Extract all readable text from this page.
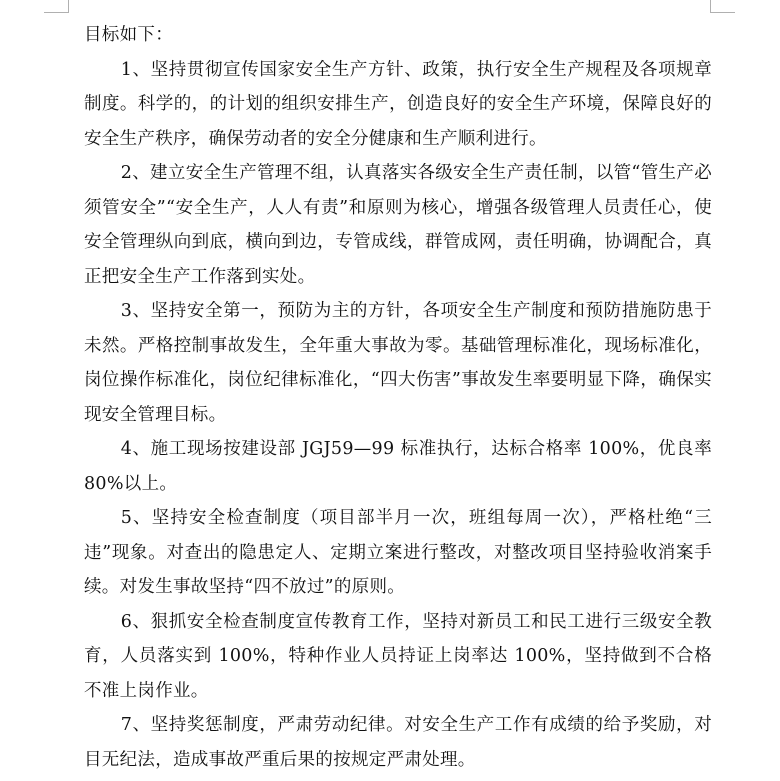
目标如下：

1、坚持贯彻宣传国家安全生产方针、政策，执行安全生产规程及各项规章制度。科学的，的计划的组织安排生产，创造良好的安全生产环境，保障良好的安全生产秩序，确保劳动者的安全分健康和生产顺利进行。

2、建立安全生产管理不组，认真落实各级安全生产责任制，以管“管生产必须管安全”“安全生产，人人有责”和原则为核心，增强各级管理人员责任心，使安全管理纵向到底，横向到边，专管成线，群管成网，责任明确，协调配合，真正把安全生产工作落到实处。

3、坚持安全第一，预防为主的方针，各项安全生产制度和预防措施防患于未然。严格控制事故发生，全年重大事故为零。基础管理标准化，现场标准化，岗位操作标准化，岗位纪律标准化，“四大伤害”事故发生率要明显下降，确保实现安全管理目标。

4、施工现场按建设部 JGJ59—99 标准执行，达标合格率 100%，优良率 80%以上。

5、坚持安全检查制度（项目部半月一次，班组每周一次），严格杜绝“三违”现象。对查出的隐患定人、定期立案进行整改，对整改项目坚持验收消案手续。对发生事故坚持“四不放过”的原则。

6、狠抓安全检查制度宣传教育工作，坚持对新员工和民工进行三级安全教育，人员落实到 100%，特种作业人员持证上岗率达 100%，坚持做到不合格不准上岗作业。

7、坚持奖惩制度，严肃劳动纪律。对安全生产工作有成绩的给予奖励，对目无纪法，造成事故严重后果的按规定严肃处理。
